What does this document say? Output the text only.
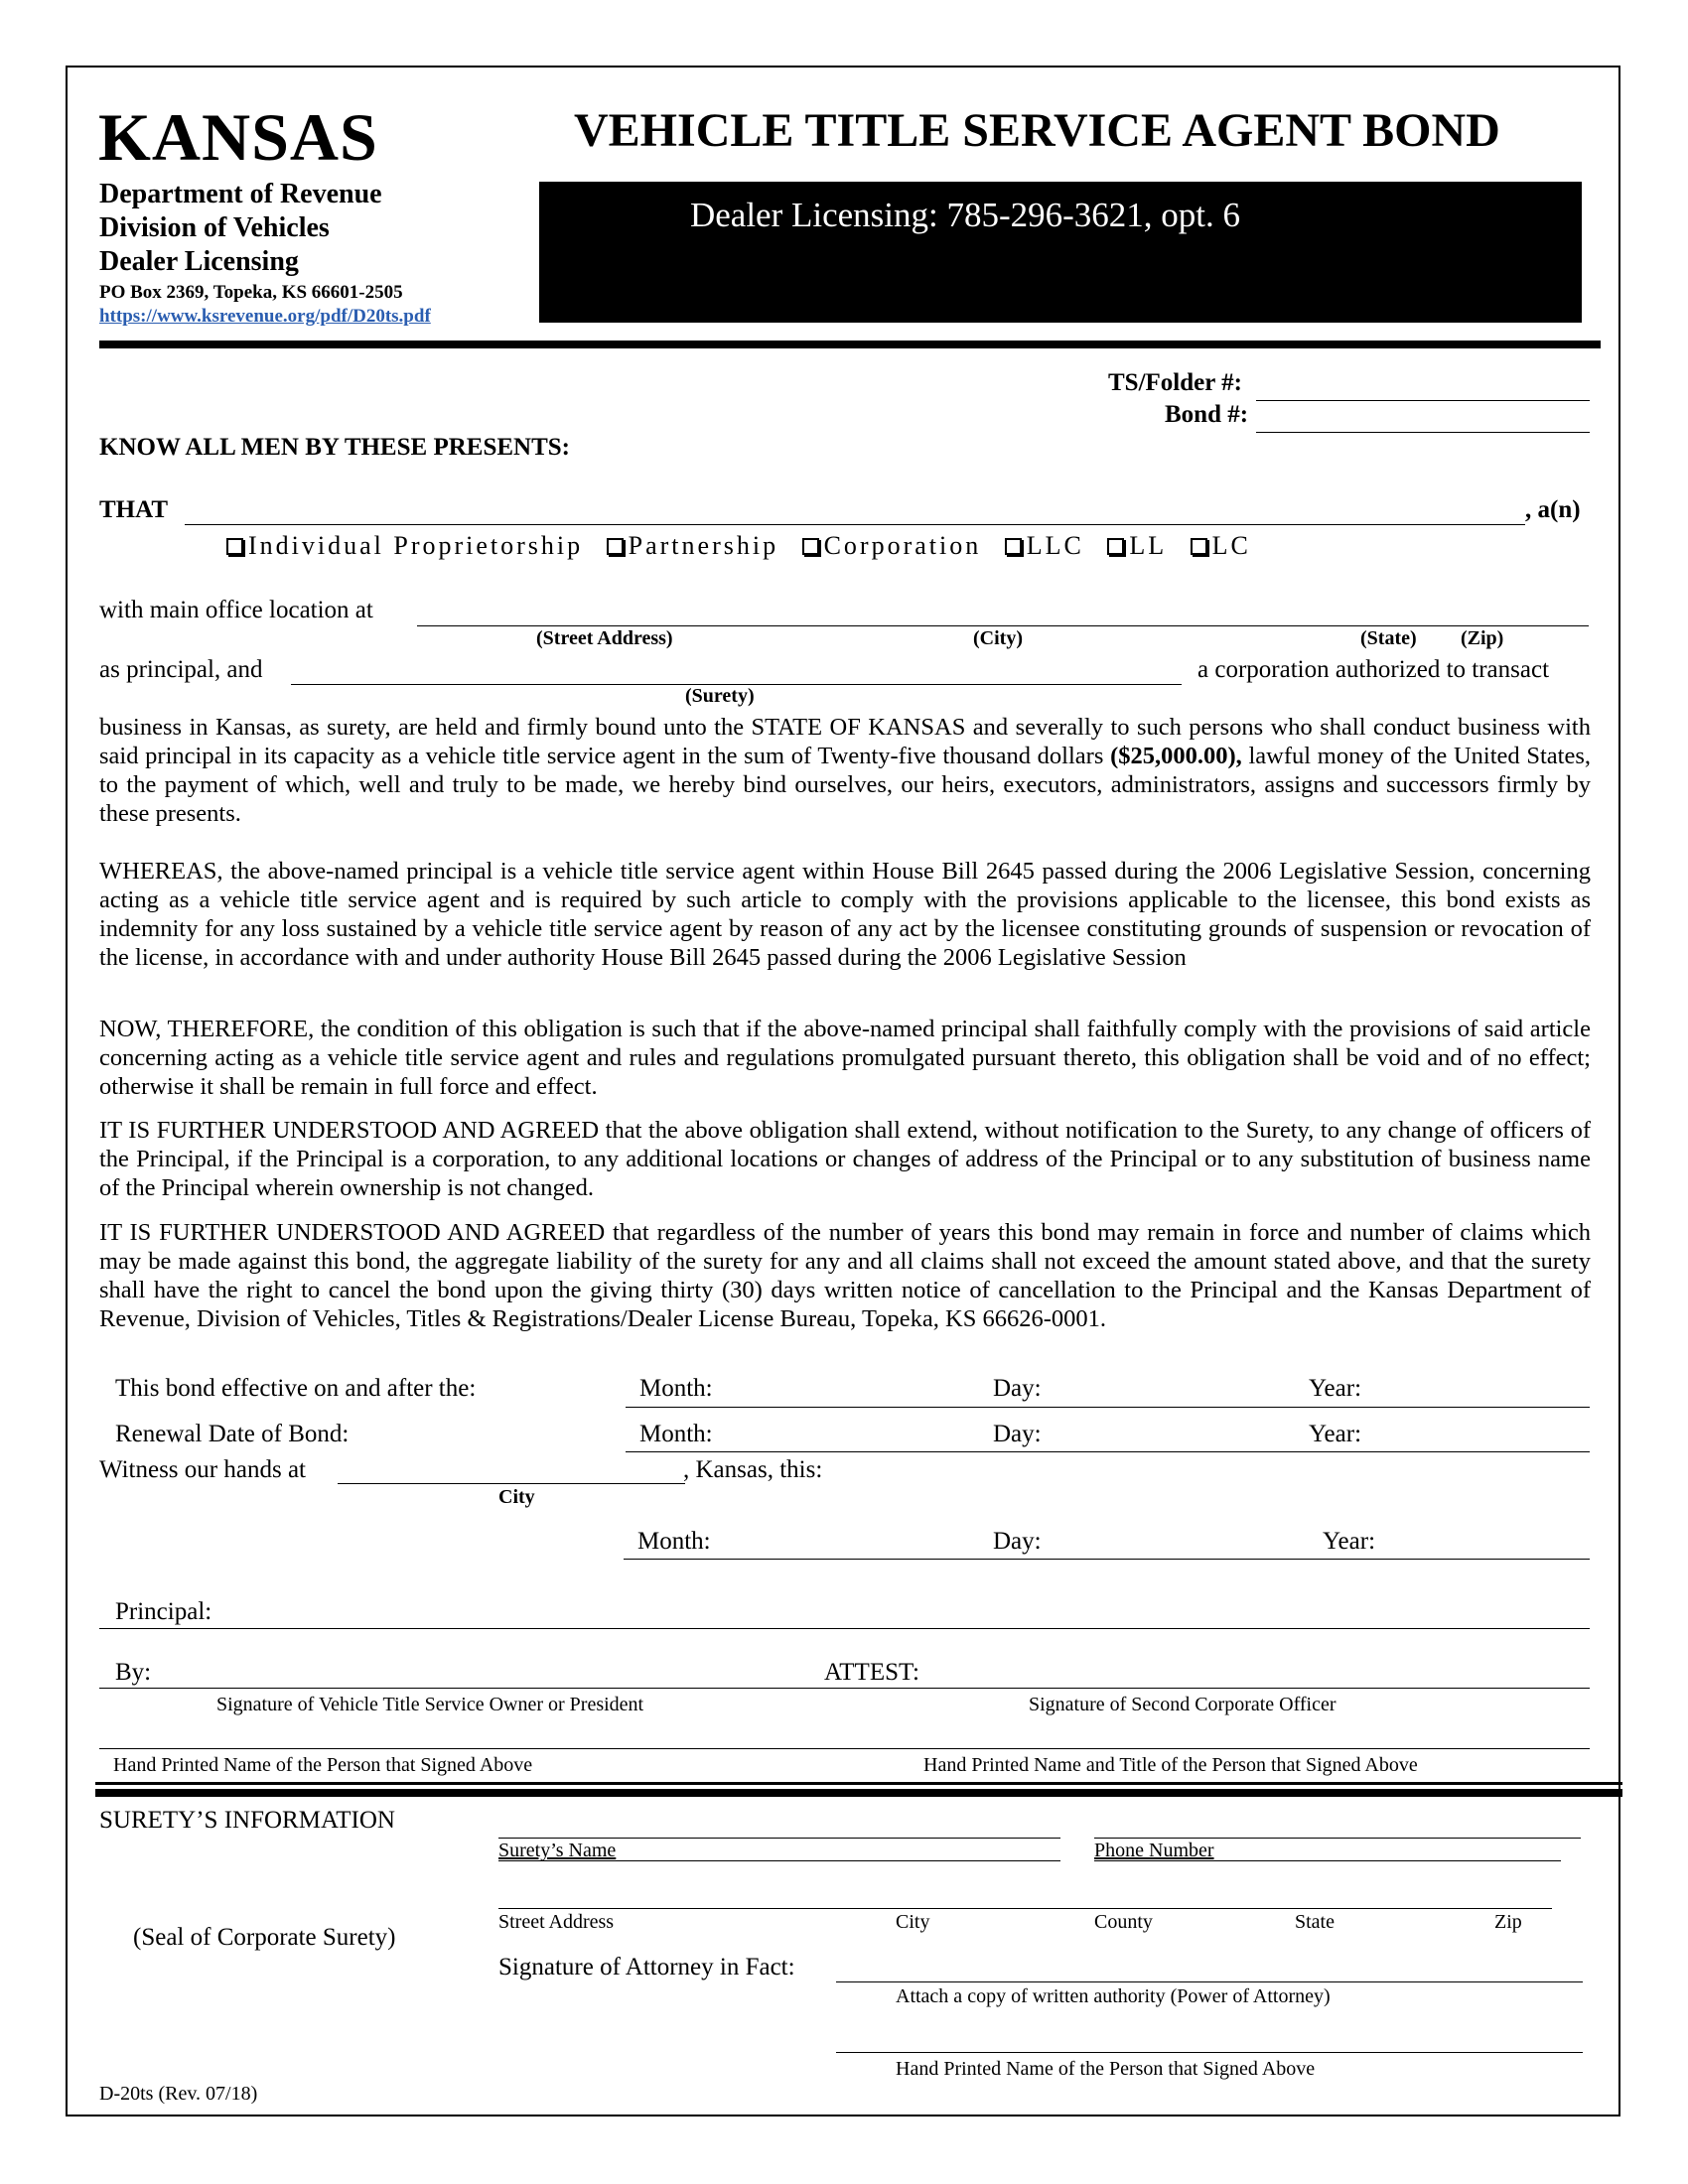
KANSAS
Department of Revenue
Division of Vehicles
Dealer Licensing
PO Box 2369, Topeka, KS 66601-2505
https://www.ksrevenue.org/pdf/D20ts.pdf
VEHICLE TITLE SERVICE AGENT BOND
Dealer Licensing: 785-296-3621, opt. 6
TS/Folder #:
Bond #:
KNOW ALL MEN BY THESE PRESENTS:
THAT	, a(n)
Individual Proprietorship Partnership Corporation LLC LL LC
with main office location at
(Street Address)	(City)	(State) (Zip)
as principal, and	a corporation authorized to transact
(Surety)
business in Kansas, as surety, are held and firmly bound unto the STATE OF KANSAS and severally to such persons who shall conduct business with said principal in its capacity as a vehicle title service agent in the sum of Twenty-five thousand dollars ($25,000.00), lawful money of the United States, to the payment of which, well and truly to be made, we hereby bind ourselves, our heirs, executors, administrators, assigns and successors firmly by these presents.
WHEREAS, the above-named principal is a vehicle title service agent within House Bill 2645 passed during the 2006 Legislative Session, concerning acting as a vehicle title service agent and is required by such article to comply with the provisions applicable to the licensee, this bond exists as indemnity for any loss sustained by a vehicle title service agent by reason of any act by the licensee constituting grounds of suspension or revocation of the license, in accordance with and under authority House Bill 2645 passed during the 2006 Legislative Session
NOW, THEREFORE, the condition of this obligation is such that if the above-named principal shall faithfully comply with the provisions of said article concerning acting as a vehicle title service agent and rules and regulations promulgated pursuant thereto, this obligation shall be void and of no effect; otherwise it shall be remain in full force and effect.
IT IS FURTHER UNDERSTOOD AND AGREED that the above obligation shall extend, without notification to the Surety, to any change of officers of the Principal, if the Principal is a corporation, to any additional locations or changes of address of the Principal or to any substitution of business name of the Principal wherein ownership is not changed.
IT IS FURTHER UNDERSTOOD AND AGREED that regardless of the number of years this bond may remain in force and number of claims which may be made against this bond, the aggregate liability of the surety for any and all claims shall not exceed the amount stated above, and that the surety shall have the right to cancel the bond upon the giving thirty (30) days written notice of cancellation to the Principal and the Kansas Department of Revenue, Division of Vehicles, Titles & Registrations/Dealer License Bureau, Topeka, KS 66626-0001.
This bond effective on and after the:	Month:	Day:	Year:
Renewal Date of Bond:	Month:	Day:	Year:
Witness our hands at	, Kansas, this:
City
Month:	Day:	Year:
Principal:
By:	ATTEST:
Signature of Vehicle Title Service Owner or President	Signature of Second Corporate Officer
Hand Printed Name of the Person that Signed Above	Hand Printed Name and Title of the Person that Signed Above
SURETY’S INFORMATION
Surety’s Name	Phone Number
Street Address	City	County	State	Zip
(Seal of Corporate Surety)
Signature of Attorney in Fact:
Attach a copy of written authority (Power of Attorney)
Hand Printed Name of the Person that Signed Above
D-20ts (Rev. 07/18)
